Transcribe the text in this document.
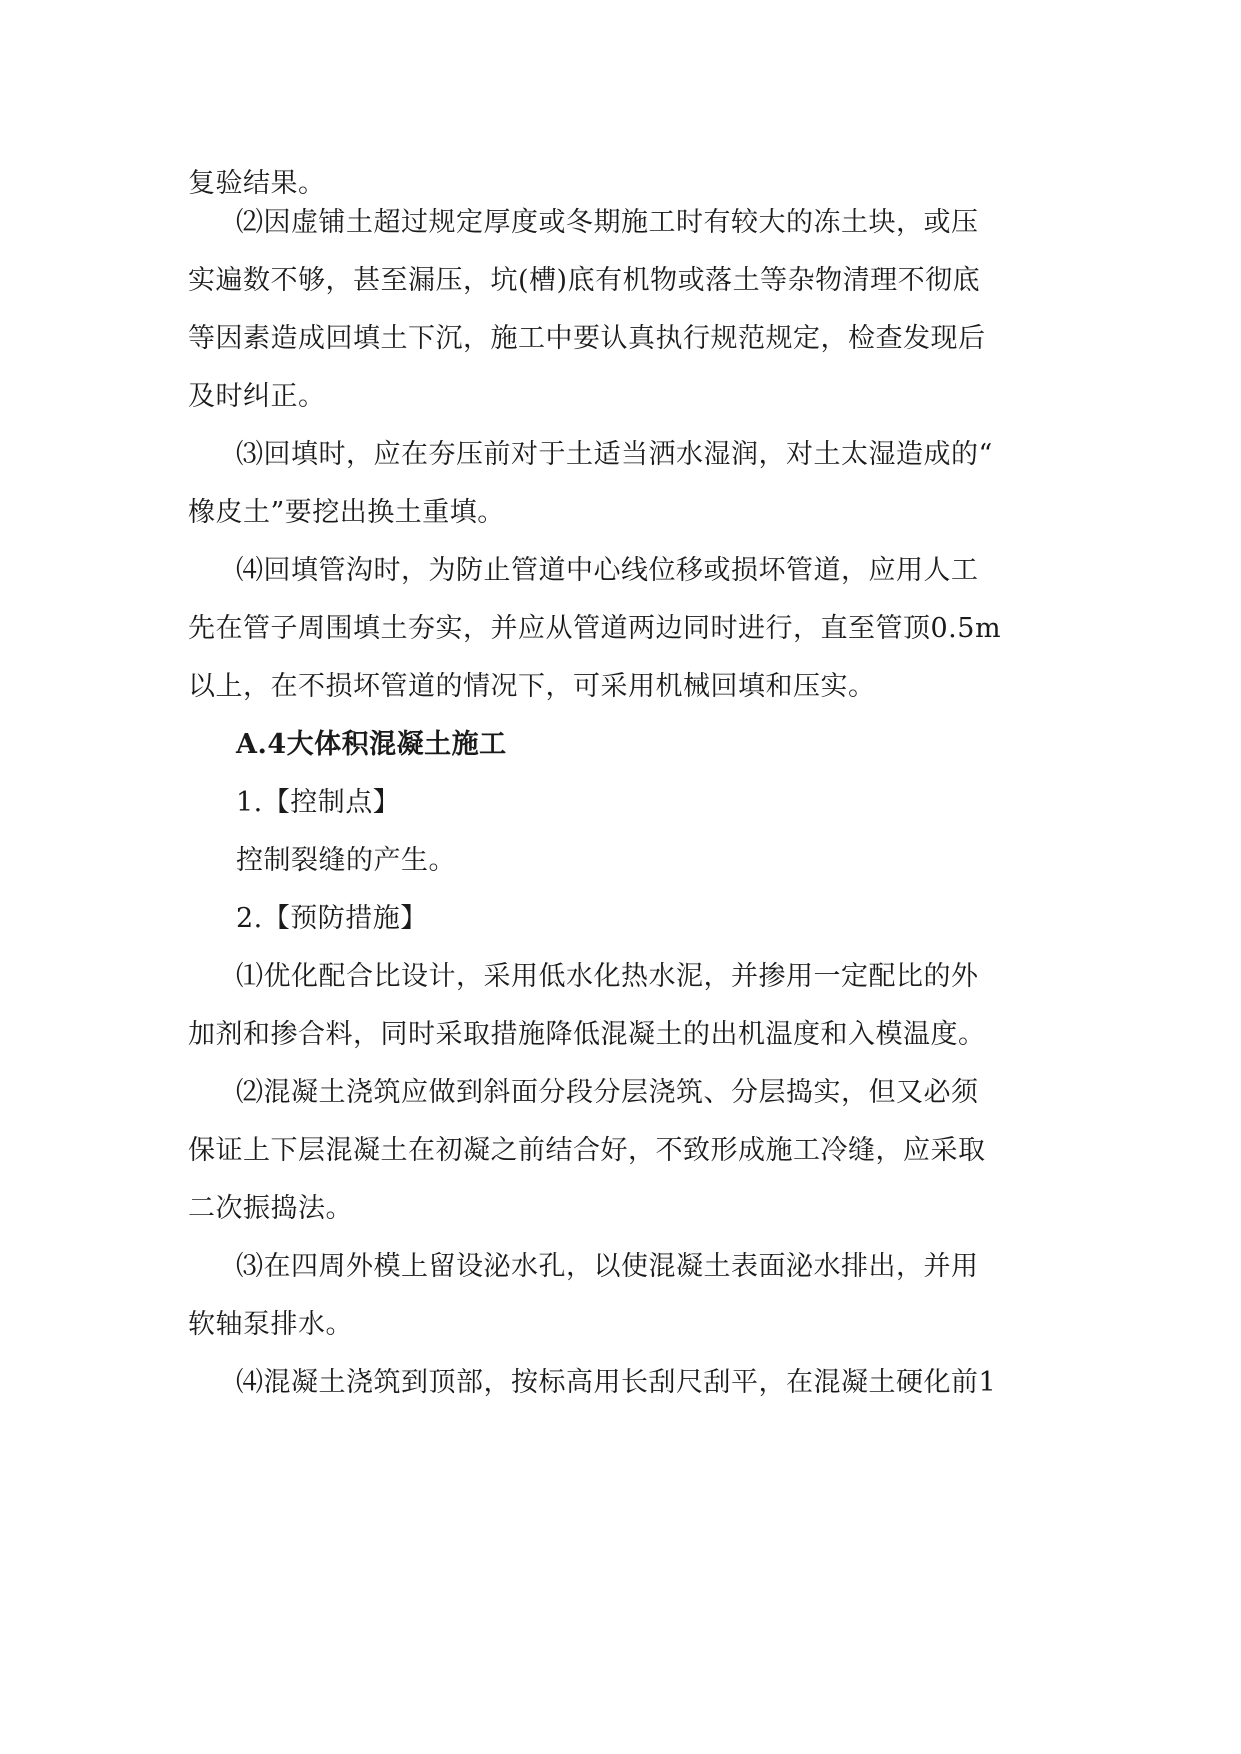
复验结果。
⑵因虚铺土超过规定厚度或冬期施工时有较大的冻土块，或压
实遍数不够，甚至漏压，坑(槽)底有机物或落土等杂物清理不彻底
等因素造成回填土下沉，施工中要认真执行规范规定，检查发现后
及时纠正。
⑶回填时，应在夯压前对于土适当洒水湿润，对土太湿造成的“
橡皮土”要挖出换土重填。
⑷回填管沟时，为防止管道中心线位移或损坏管道，应用人工
先在管子周围填土夯实，并应从管道两边同时进行，直至管顶0.5m
以上，在不损坏管道的情况下，可采用机械回填和压实。
A.4大体积混凝土施工
1.【控制点】
控制裂缝的产生。
2.【预防措施】
⑴优化配合比设计，采用低水化热水泥，并掺用一定配比的外
加剂和掺合料，同时采取措施降低混凝土的出机温度和入模温度。
⑵混凝土浇筑应做到斜面分段分层浇筑、分层捣实，但又必须
保证上下层混凝土在初凝之前结合好，不致形成施工冷缝，应采取
二次振捣法。
⑶在四周外模上留设泌水孔，以使混凝土表面泌水排出，并用
软轴泵排水。
⑷混凝土浇筑到顶部，按标高用长刮尺刮平，在混凝土硬化前1
